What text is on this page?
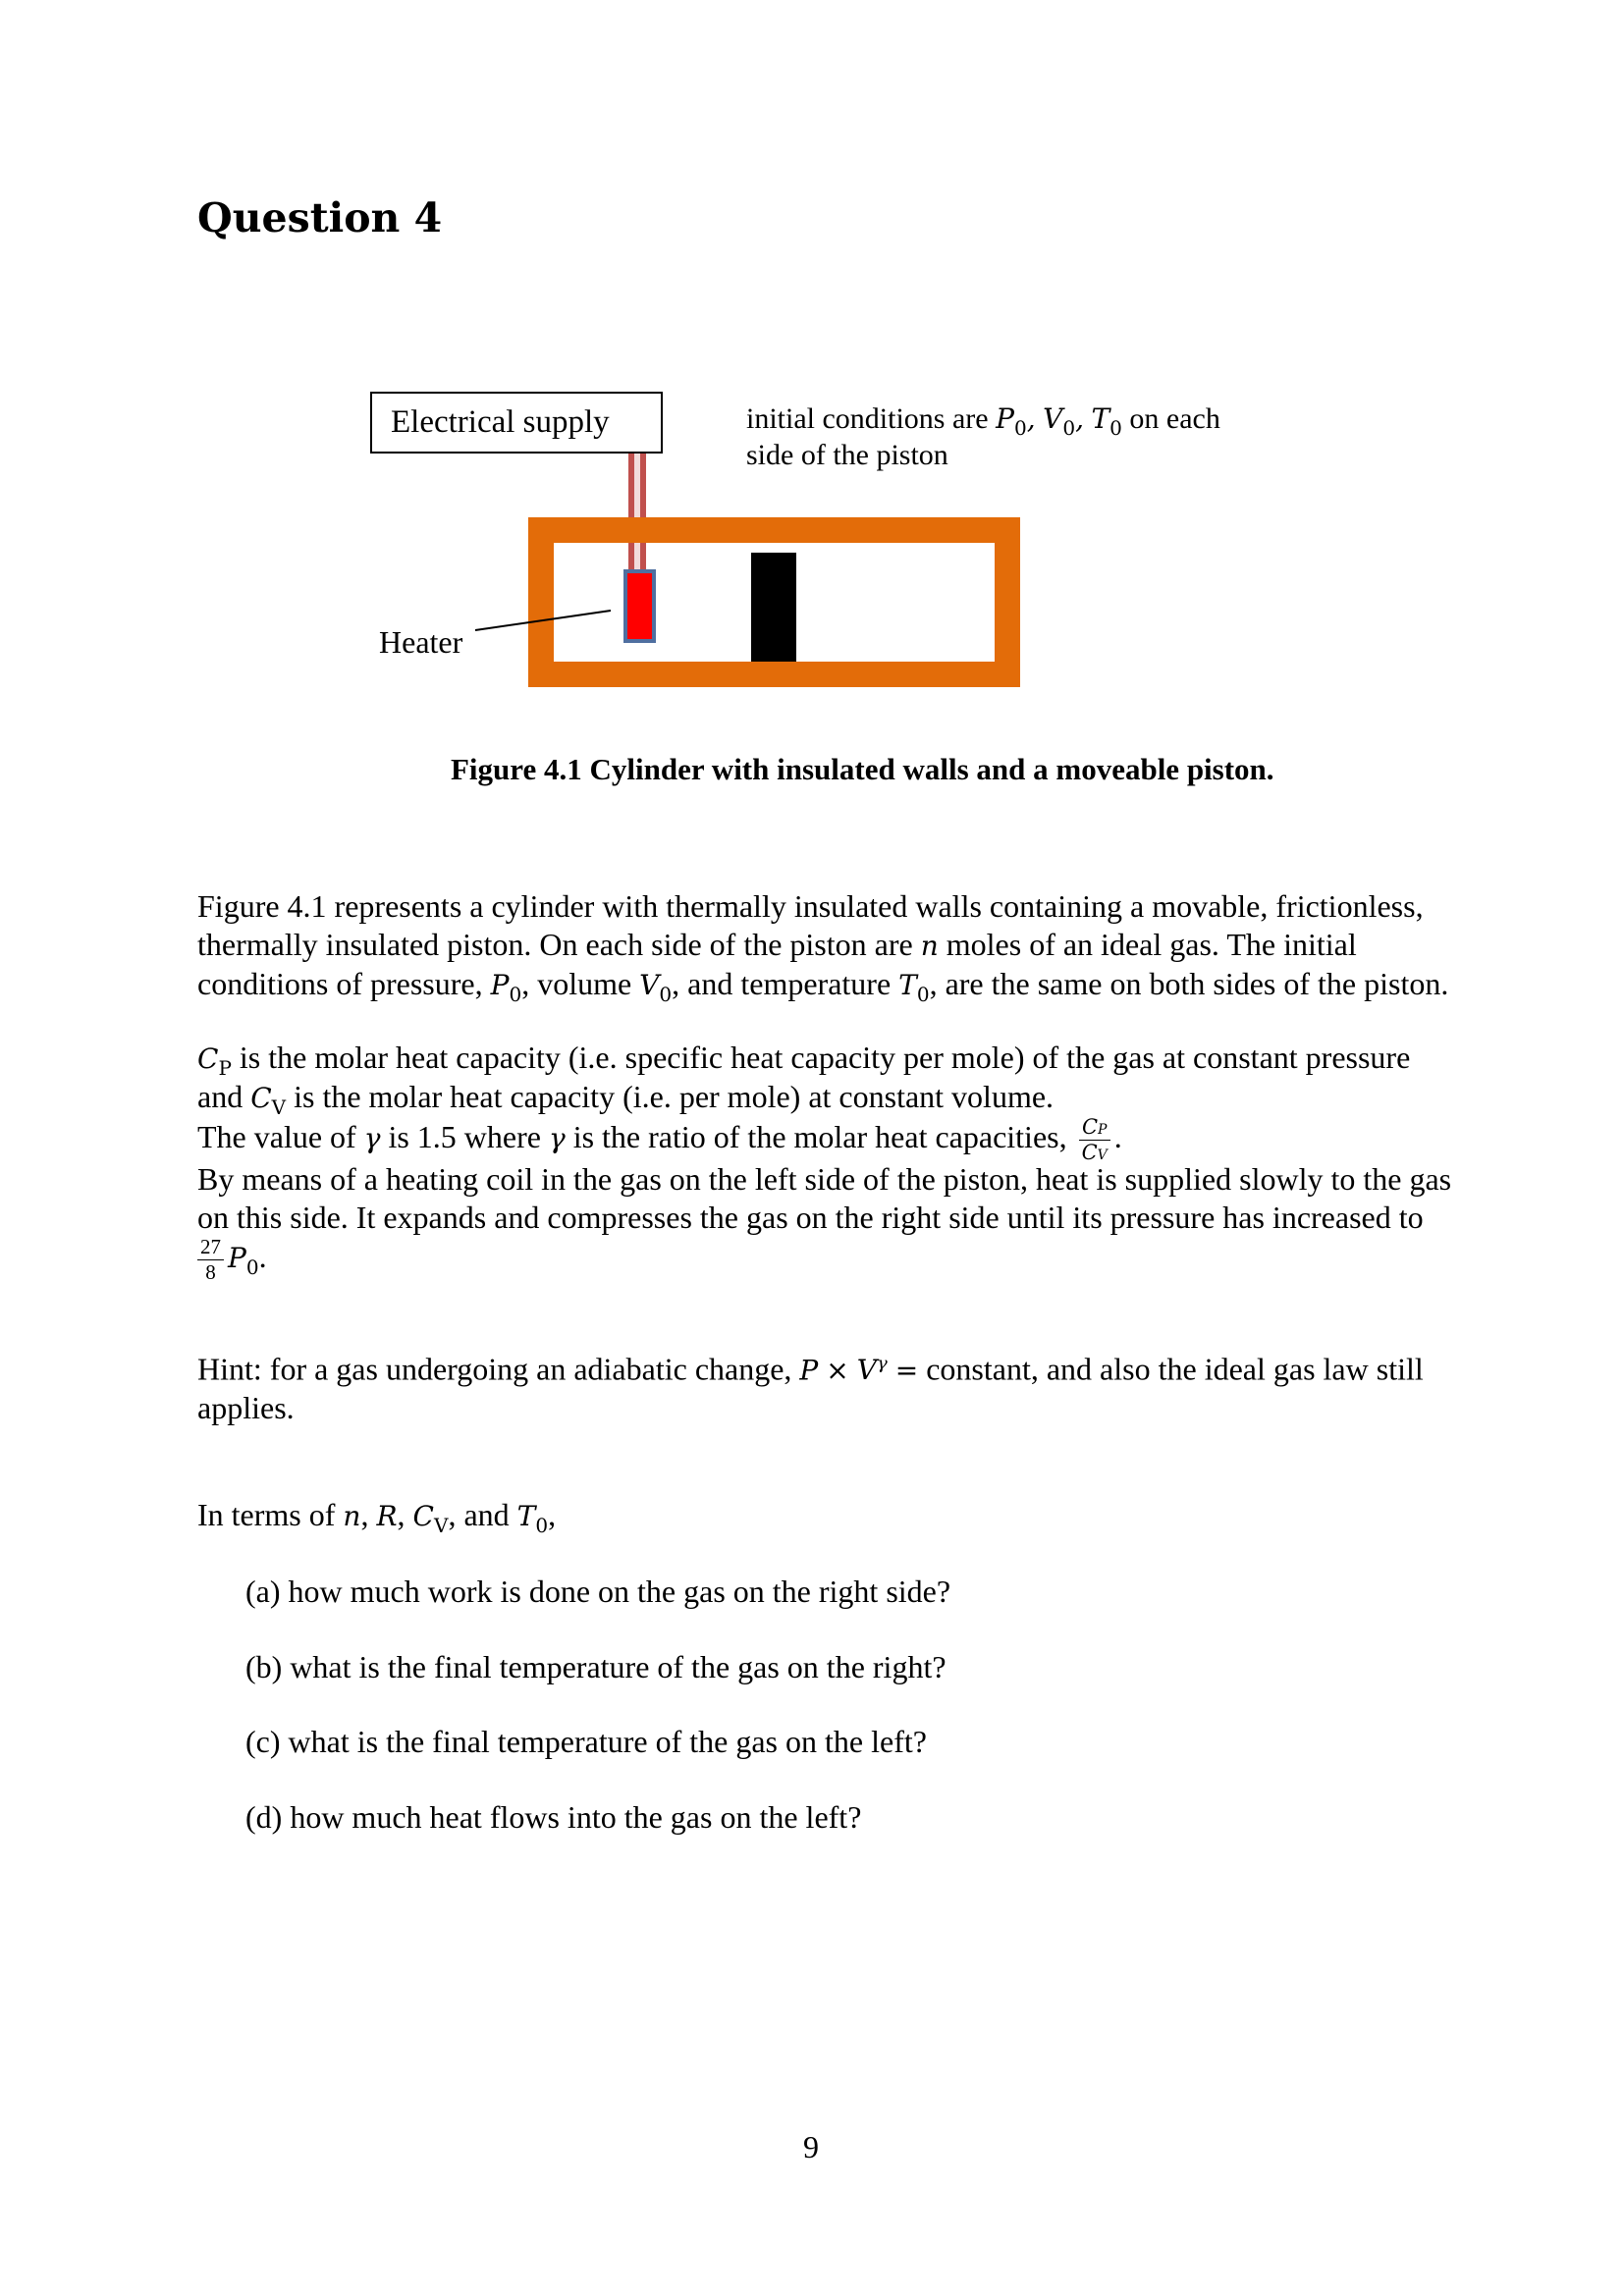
Question 4
Electrical supply	initial conditions are $P_0$, $V_0$, $T_0$ on each
side of the piston
Heater
Figure 4.1 Cylinder with insulated walls and a moveable piston.
Figure 4.1 represents a cylinder with thermally insulated walls containing a movable, frictionless,
thermally insulated piston. On each side of the piston are n moles of an ideal gas. The initial
conditions of pressure, $P_0$, volume $V_0$, and temperature $T_0$, are the same on both sides of the piston.
$C_P$ is the molar heat capacity (i.e. specific heat capacity per mole) of the gas at constant pressure
and $C_V$ is the molar heat capacity (i.e. per mole) at constant volume.
The value of γ is 1.5 where γ is the ratio of the molar heat capacities, $\frac{CP}{CV}$ .
By means of a heating coil in the gas on the left side of the piston, heat is supplied slowly to the gas
on this side. It expands and compresses the gas on the right side until its pressure has increased to
$\frac{27}{8} P_0$.
Hint: for a gas undergoing an adiabatic change, $P \times V^\gamma$ = constant, and also the ideal gas law still
applies.
In terms of n, R, $C_V$, and $T_0$,
(a) how much work is done on the gas on the right side?
(b) what is the final temperature of the gas on the right?
(c) what is the final temperature of the gas on the left?
(d) how much heat flows into the gas on the left?
9
